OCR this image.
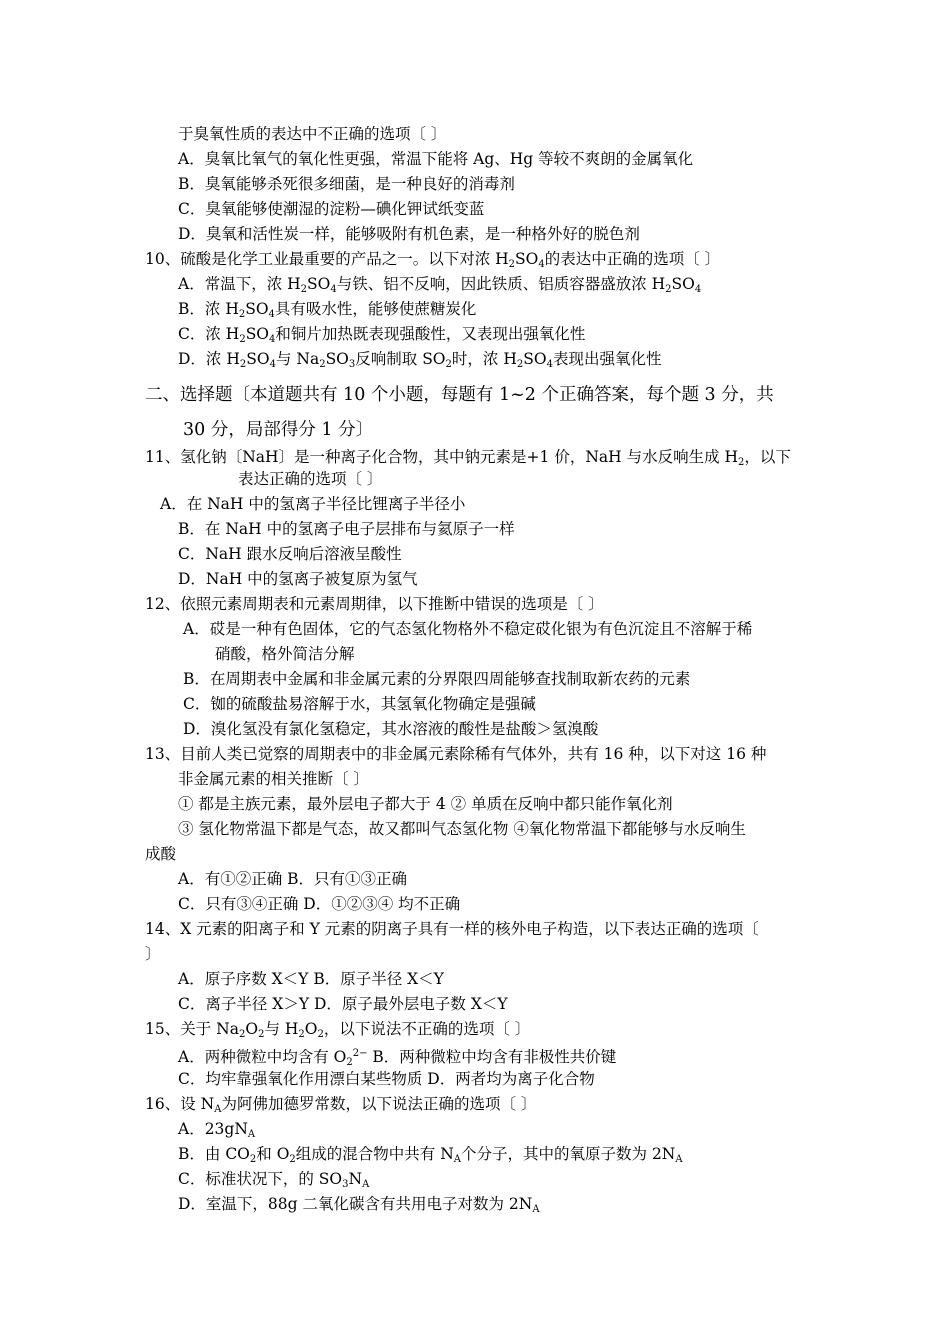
于臭氧性质的表达中不正确的选项〔 〕
A．臭氧比氧气的氧化性更强，常温下能将 Ag、Hg 等较不爽朗的金属氧化
B．臭氧能够杀死很多细菌，是一种良好的消毒剂
C．臭氧能够使潮湿的淀粉—碘化钾试纸变蓝
D．臭氧和活性炭一样，能够吸附有机色素，是一种格外好的脱色剂
10、硫酸是化学工业最重要的产品之一。以下对浓 $H_2SO_4$的表达中正确的选项〔 〕
A．常温下，浓 $H_2SO_4$与铁、铝不反响，因此铁质、铝质容器盛放浓 $H_2SO_4$
B．浓 $H_2SO_4$具有吸水性，能够使蔗糖炭化
C．浓 $H_2SO_4$和铜片加热既表现强酸性，又表现出强氧化性
D．浓 $H_2SO_4$与 $Na_2SO_3$反响制取 $SO_2$时，浓 $H_2SO_4$表现出强氧化性
二、选择题〔本道题共有 10 个小题，每题有 1~2 个正确答案，每个题 3 分，共
30 分，局部得分 1 分〕
11、氢化钠〔NaH〕是一种离子化合物，其中钠元素是+1 价，NaH 与水反响生成 $H_2$，以下
表达正确的选项〔 〕
A．在 NaH 中的氢离子半径比锂离子半径小
B．在 NaH 中的氢离子电子层排布与氦原子一样
C．NaH 跟水反响后溶液呈酸性
D．NaH 中的氢离子被复原为氢气
12、依照元素周期表和元素周期律，以下推断中错误的选项是〔 〕
A．砹是一种有色固体，它的气态氢化物格外不稳定砹化银为有色沉淀且不溶解于稀
硝酸，格外简洁分解
B．在周期表中金属和非金属元素的分界限四周能够查找制取新农药的元素
C．铷的硫酸盐易溶解于水，其氢氧化物确定是强碱
D．溴化氢没有氯化氢稳定，其水溶液的酸性是盐酸＞氢溴酸
13、目前人类已觉察的周期表中的非金属元素除稀有气体外，共有 16 种，以下对这 16 种
非金属元素的相关推断〔 〕
① 都是主族元素，最外层电子都大于 4 ② 单质在反响中都只能作氧化剂
③ 氢化物常温下都是气态，故又都叫气态氢化物 ④氧化物常温下都能够与水反响生
成酸
A．有①②正确 B．只有①③正确
C．只有③④正确 D．①②③④ 均不正确
14、X 元素的阳离子和 Y 元素的阴离子具有一样的核外电子构造，以下表达正确的选项〔
〕
A．原子序数 X＜Y B．原子半径 X＜Y
C．离子半径 X＞Y D．原子最外层电子数 X＜Y
15、关于 $Na_2O_2$与 $H_2O_2$，以下说法不正确的选项〔 〕
A．两种微粒中均含有 $O_2^{2-}$ B．两种微粒中均含有非极性共价键
C．均牢靠强氧化作用漂白某些物质 D．两者均为离子化合物
16、设 $N_A$为阿佛加德罗常数，以下说法正确的选项〔 〕
A．$23gN_A$
B．由 $CO_2$和 $O_2$组成的混合物中共有 $N_A$个分子，其中的氧原子数为 $2N_A$
C．标准状况下，的 $SO_3N_A$
D．室温下，88g 二氧化碳含有共用电子对数为 $2N_A$
